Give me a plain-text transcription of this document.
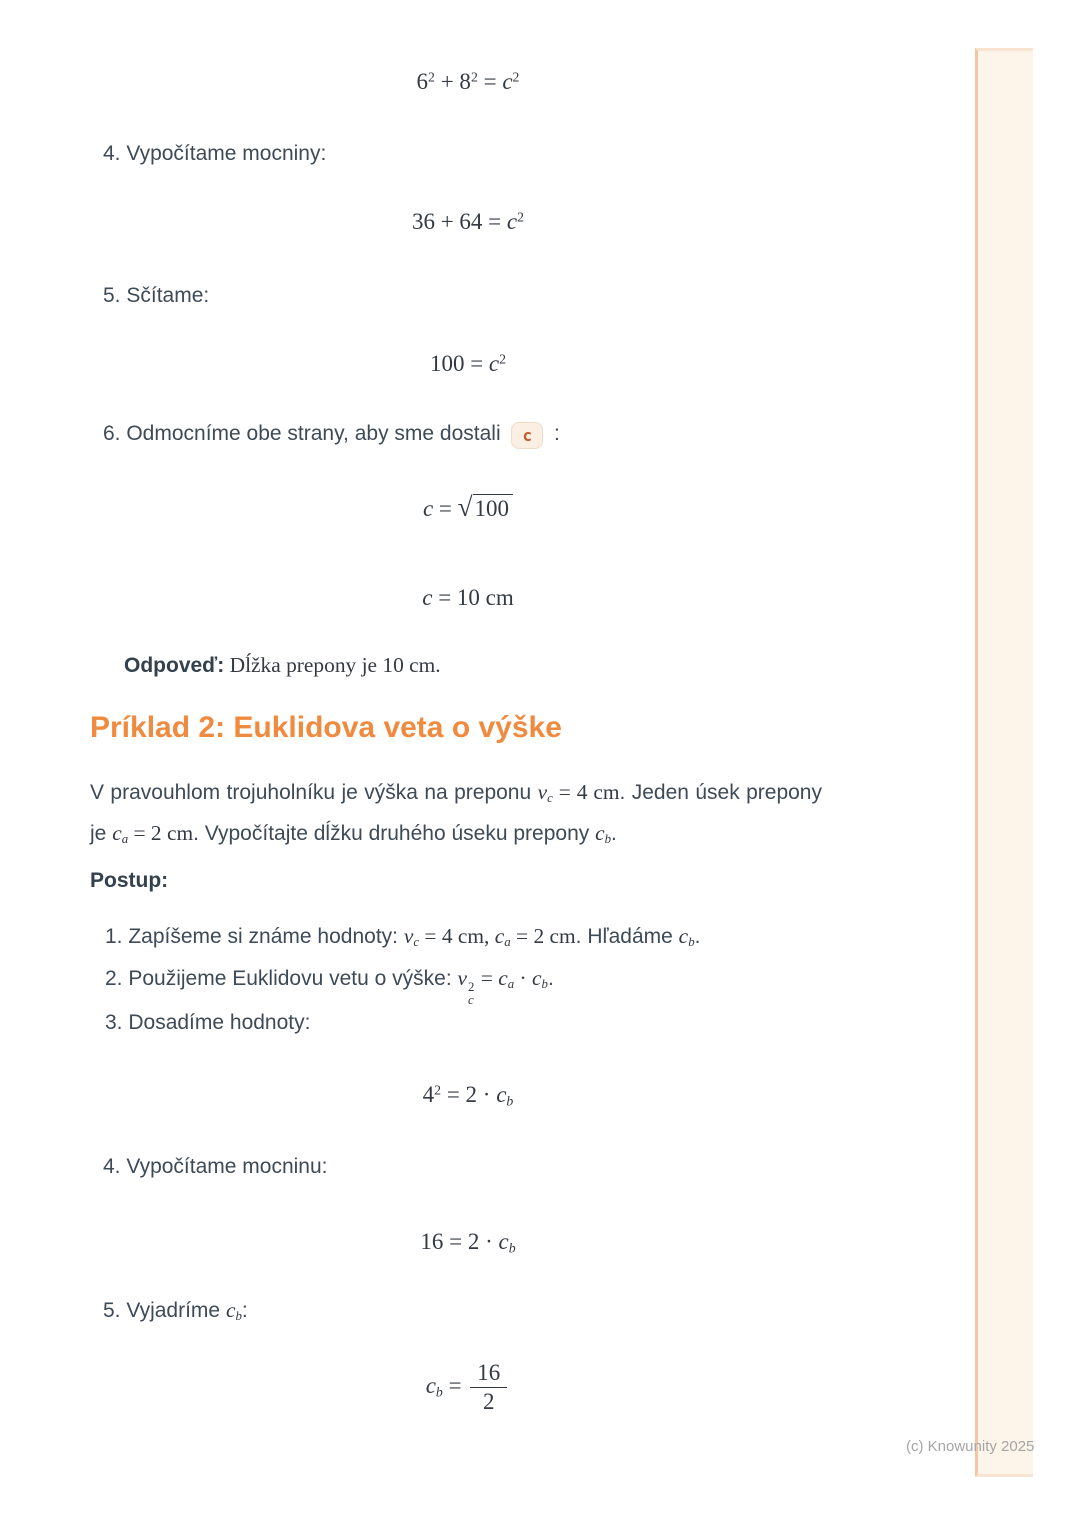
$6^2 + 8^2 = c^2$
4. Vypočítame mocniny:
$36 + 64 = c^2$
5. Sčítame:
$100 = c^2$
6. Odmocníme obe strany, aby sme dostali c :
c = √100
c = 10 cm
Odpoveď: Dĺžka prepony je 10 cm.
Príklad 2: Euklidova veta o výške
V pravouhlom trojuholníku je výška na preponu $v_c = 4$ cm. Jeden úsek prepony je $c_a = 2$ cm. Vypočítajte dĺžku druhého úseku prepony $c_b$.
Postup:
1. Zapíšeme si známe hodnoty: $v_c = 4$ cm, $c_a = 2$ cm. Hľadáme $c_b$.
2. Použijeme Euklidovu vetu o výške: v 2
c
= $c_a \cdot c_b$.
3. Dosadíme hodnoty:
$4^2 = 2 \cdot c_b$
4. Vypočítame mocninu:
$16 = 2 \cdot c_b$
5. Vyjadríme $c_b$:
$c_b = \frac{16}{2}$
(c) Knowunity 2025
